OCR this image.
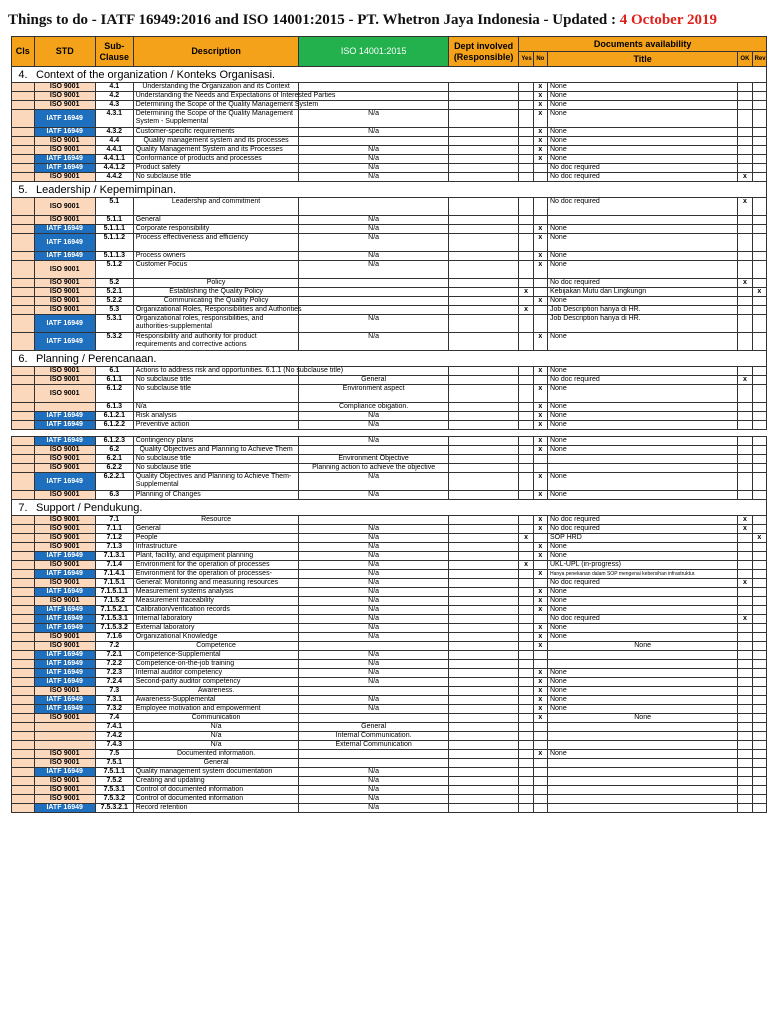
Things to do - IATF 16949:2016 and ISO 14001:2015 - PT. Whetron Jaya Indonesia - Updated : 4 October 2019
Cls	STD	Sub-Clause	Description	ISO 14001:2015	Dept involved (Responsible)	Documents availability				
						Yes	No	Title	OK	Rev
4.	Context of the organization / Konteks Organisasi.									
	ISO 9001	4.1	Understanding the Organization and its Context				x	None		
	ISO 9001	4.2	Understanding the Needs and Expectations of Interested Parties				x	None		
	ISO 9001	4.3	Determining the Scope of the Quality Management System				x	None		
	IATF 16949	4.3.1	Determining the Scope of the Quality Management System - Supplemental	N/a			x	None		
	IATF 16949	4.3.2	Customer-specific requirements	N/a			x	None		
	ISO 9001	4.4	Quality management system and its processes				x	None		
	ISO 9001	4.4.1	Quality Management System and its Processes	N/a			x	None		
	IATF 16949	4.4.1.1	Conformance of products and processes	N/a			x	None		
	IATF 16949	4.4.1.2	Product safety	N/a				No doc required		
	ISO 9001	4.4.2	No subclause title	N/a				No doc required	x	
5.	Leadership / Kepemimpinan.									
	ISO 9001	5.1	Leadership and commitment					No doc required	x	
	ISO 9001	5.1.1	General	N/a						
	IATF 16949	5.1.1.1	Corporate responsibility	N/a			x	None		
	IATF 16949	5.1.1.2	Process effectiveness and efficiency	N/a			x	None		
	IATF 16949	5.1.1.3	Process owners	N/a			x	None		
	ISO 9001	5.1.2	Customer Focus	N/a			x	None		
	ISO 9001	5.2	Policy					No doc required	x	
	ISO 9001	5.2.1	Establishing the Quality Policy			x		Kebijakan Mutu dan Lingkungn		x
	ISO 9001	5.2.2	Communicating the Quality Policy				x	None		
	ISO 9001	5.3	Organizational Roles, Responsibilities and Authorities			x		Job Description hanya di HR.		
	IATF 16949	5.3.1	Organizational roles, responsibilities, and authorities-supplemental	N/a				Job Description hanya di HR.		
	IATF 16949	5.3.2	Responsibility and authority for product requirements and corrective actions	N/a			x	None		
6.	Planning / Perencanaan.									
	ISO 9001	6.1	Actions to address risk and opportunities. 6.1.1 (No subclause title)				x	None		
	ISO 9001	6.1.1	No subclause title	General				No doc required	x	
	ISO 9001	6.1.2	No subclause title	Environment aspect			x	None		
		6.1.3	N/a	Compliance obigation.			x	None		
	IATF 16949	6.1.2.1	Risk analysis	N/a			x	None		
	IATF 16949	6.1.2.2	Preventive action	N/a			x	None		

	IATF 16949	6.1.2.3	Contingency plans	N/a			x	None		
	ISO 9001	6.2	Quality Objectives and Planning to Achieve Them				x	None		
	ISO 9001	6.2.1	No subclause title	Environment Objective						
	ISO 9001	6.2.2	No subclause title	Planning action to achieve the objective						
	IATF 16949	6.2.2.1	Quality Objectives and Planning to Achieve Them-Supplemental	N/a			x	None		
	ISO 9001	6.3	Planning of Changes	N/a			x	None		
7.	Support / Pendukung.									
	ISO 9001	7.1	Resource				x	No doc required	x	
	ISO 9001	7.1.1	General	N/a			x	No doc required	x	
	ISO 9001	7.1.2	People	N/a		x		SOP HRD		x
	ISO 9001	7.1.3	Infrastructure	N/a			x	None		
	IATF 16949	7.1.3.1	Plant, facility, and equipment planning	N/a			x	None		
	ISO 9001	7.1.4	Environment for the operation of processes	N/a		x		UKL-UPL (in-progress)		
	IATF 16949	7.1.4.1	Environment for the operation of processes-	N/a			x	Hanya penekanan dalam SOP mengenai kebersihan infrastruktur.		
	ISO 9001	7.1.5.1	General: Monitoring and measuring resources	N/a				No doc required	x	
	IATF 16949	7.1.5.1.1	Measurement systems analysis	N/a			x	None		
	ISO 9001	7.1.5.2	Measurement traceability	N/a			x	None		
	IATF 16949	7.1.5.2.1	Calibration/verification records	N/a			x	None		
	IATF 16949	7.1.5.3.1	Internal laboratory	N/a				No doc required	x	
	IATF 16949	7.1.5.3.2	External laboratory	N/a			x	None		
	ISO 9001	7.1.6	Organizational Knowledge	N/a			x	None		
	ISO 9001	7.2	Competence				x	None		
	IATF 16949	7.2.1	Competence-Supplemental	N/a						
	IATF 16949	7.2.2	Competence-on-the-job training	N/a						
	IATF 16949	7.2.3	Internal auditor competency	N/a			x	None		
	IATF 16949	7.2.4	Second-party auditor competency	N/a			x	None		
	ISO 9001	7.3	Awareness.				x	None		
	IATF 16949	7.3.1	Awareness-Supplemental	N/a			x	None		
	IATF 16949	7.3.2	Employee motivation and empowerment	N/a			x	None		
	ISO 9001	7.4	Communication				x	None		
		7.4.1	N/a	General						
		7.4.2	N/a	Internal Communication.						
		7.4.3	N/a	External Communication						
	ISO 9001	7.5	Documented information.				x	None		
	ISO 9001	7.5.1	General							
	IATF 16949	7.5.1.1	Quality management system documentation	N/a						
	ISO 9001	7.5.2	Creating and updating	N/a						
	ISO 9001	7.5.3.1	Control of documented information	N/a						
	ISO 9001	7.5.3.2	Control of documented information	N/a						
	IATF 16949	7.5.3.2.1	Record retention	N/a						
